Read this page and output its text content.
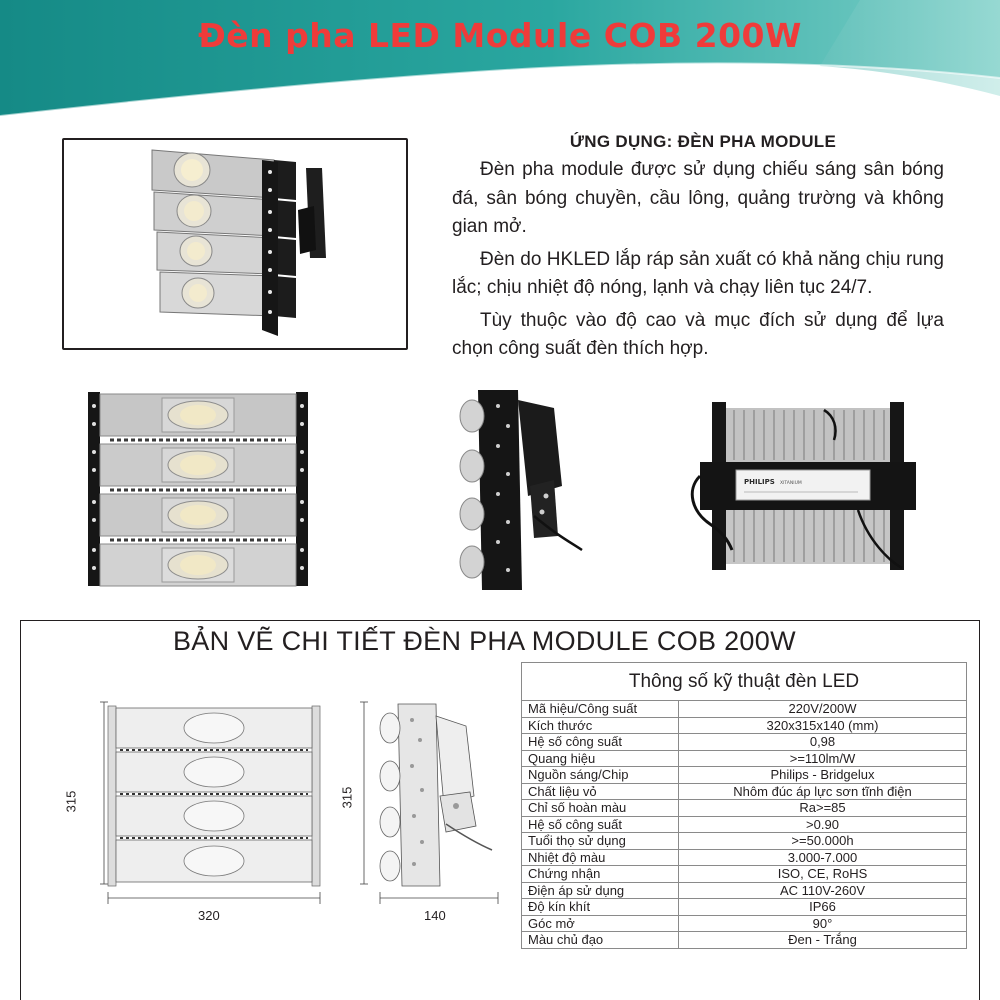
Đèn pha LED Module COB 200W
ỨNG DỤNG: ĐÈN PHA MODULE

Đèn pha module được sử dụng chiếu sáng sân bóng đá, sân bóng chuyền, cầu lông, quảng trường và không gian mở.

Đèn do HKLED lắp ráp sản xuất có khả năng chịu rung lắc; chịu nhiệt độ nóng, lạnh và chạy liên tục 24/7.

Tùy thuộc vào độ cao và mục đích sử dụng để lựa chọn công suất đèn thích hợp.

PHILIPS XITANIUM
BẢN VẼ CHI TIẾT ĐÈN PHA MODULE COB 200W
315
320
315
140
Thông số kỹ thuật đèn LED	
Mã hiệu/Công suất	220V/200W
Kích thước	320x315x140 (mm)
Hệ số công suất	0,98
Quang hiệu	>=110lm/W
Nguồn sáng/Chip	Philips - Bridgelux
Chất liệu vỏ	Nhôm đúc áp lực sơn tĩnh điện
Chỉ số hoàn màu	Ra>=85
Hệ số công suất	>0.90
Tuổi thọ sử dụng	>=50.000h
Nhiệt độ màu	3.000-7.000
Chứng nhận	ISO, CE, RoHS
Điện áp sử dụng	AC 110V-260V
Độ kín khít	IP66
Góc mở	90°
Màu chủ đạo	Đen - Trắng
